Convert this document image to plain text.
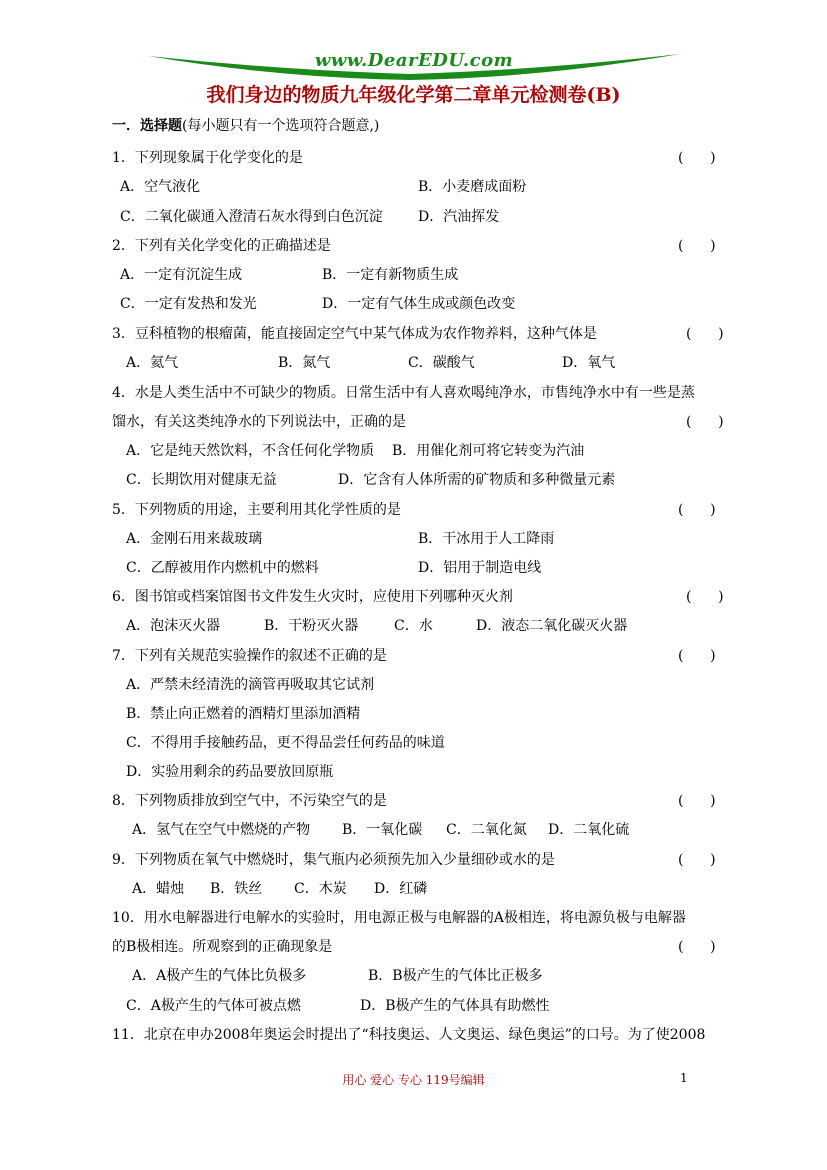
www.DearEDU.com
我们身边的物质九年级化学第二章单元检测卷(B)
一．选择题(每小题只有一个选项符合题意,)
1．下列现象属于化学变化的是	(      )
A．空气液化	B．小麦磨成面粉
C．二氧化碳通入澄清石灰水得到白色沉淀	D．汽油挥发
2．下列有关化学变化的正确描述是	(      )
A．一定有沉淀生成	B．一定有新物质生成
C．一定有发热和发光	D．一定有气体生成或颜色改变
3．豆科植物的根瘤菌，能直接固定空气中某气体成为农作物养料，这种气体是	(      )
A．氦气	B．氮气	C．碳酸气	D．氧气
4．水是人类生活中不可缺少的物质。日常生活中有人喜欢喝纯净水，市售纯净水中有一些是蒸
馏水，有关这类纯净水的下列说法中，正确的是	(      )
A．它是纯天然饮料，不含任何化学物质 B．用催化剂可将它转变为汽油
C．长期饮用对健康无益	D．它含有人体所需的矿物质和多种微量元素
5．下列物质的用途，主要利用其化学性质的是	(      )
A．金刚石用来裁玻璃	B．干冰用于人工降雨
C．乙醇被用作内燃机中的燃料	D．铝用于制造电线
6．图书馆或档案馆图书文件发生火灾时，应使用下列哪种灭火剂	(      )
A．泡沫灭火器	B．干粉灭火器	C．水	D．液态二氧化碳灭火器
7．下列有关规范实验操作的叙述不正确的是	(      )
A．严禁未经清洗的滴管再吸取其它试剂
B．禁止向正燃着的酒精灯里添加酒精
C．不得用手接触药品，更不得品尝任何药品的味道
D．实验用剩余的药品要放回原瓶
8．下列物质排放到空气中，不污染空气的是	(      )
A．氢气在空气中燃烧的产物 B．一氧化碳 C．二氧化氮 D．二氧化硫
9．下列物质在氧气中燃烧时，集气瓶内必须预先加入少量细砂或水的是	(      )
A．蜡烛 B．铁丝 C．木炭 D．红磷
10．用水电解器进行电解水的实验时，用电源正极与电解器的A极相连，将电源负极与电解器
的B极相连。所观察到的正确现象是	(      )
A．A极产生的气体比负极多	B．B极产生的气体比正极多
C．A极产生的气体可被点燃	D．B极产生的气体具有助燃性
11．北京在申办2008年奥运会时提出了“科技奥运、人文奥运、绿色奥运”的口号。为了使2008
用心 爱心 专心 119号编辑	1
